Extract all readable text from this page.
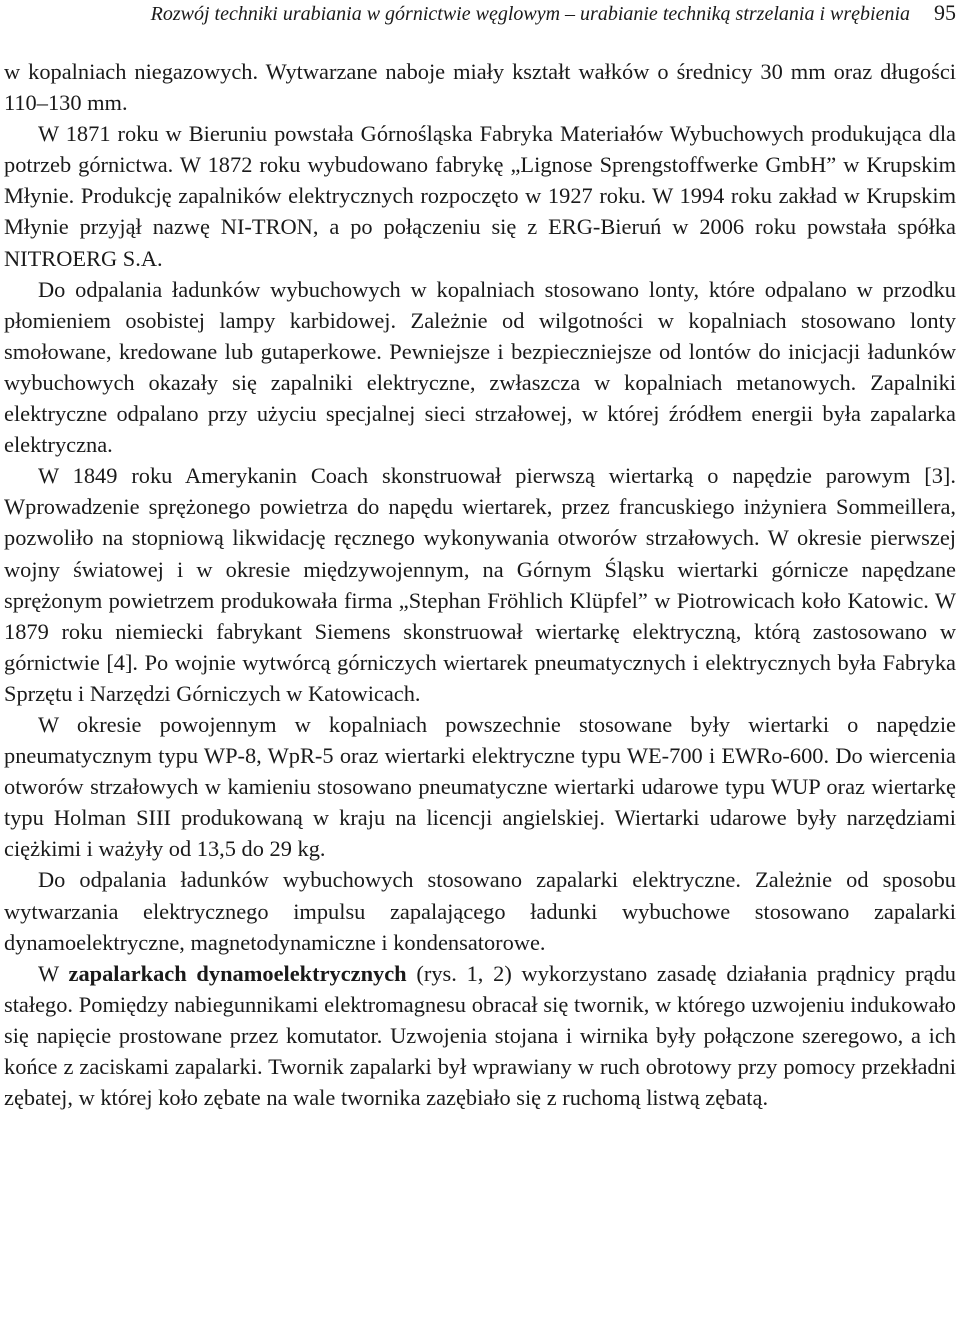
Rozwój techniki urabiania w górnictwie węglowym – urabianie techniką strzelania i wrębienia 95

w kopalniach niegazowych. Wytwarzane naboje miały kształt wałków o średnicy 30 mm oraz długości 110–130 mm.

W 1871 roku w Bieruniu powstała Górnośląska Fabryka Materiałów Wybuchowych produkująca dla potrzeb górnictwa. W 1872 roku wybudowano fabrykę „Lignose Sprengstoffwerke GmbH” w Krupskim Młynie. Produkcję zapalników elektrycznych rozpoczęto w 1927 roku. W 1994 roku zakład w Krupskim Młynie przyjął nazwę NI-TRON, a po połączeniu się z ERG-Bieruń w 2006 roku powstała spółka NITROERG S.A.

Do odpalania ładunków wybuchowych w kopalniach stosowano lonty, które odpalano w przodku płomieniem osobistej lampy karbidowej. Zależnie od wilgotności w kopalniach stosowano lonty smołowane, kredowane lub gutaperkowe. Pewniejsze i bezpieczniejsze od lontów do inicjacji ładunków wybuchowych okazały się zapalniki elektryczne, zwłaszcza w kopalniach metanowych. Zapalniki elektryczne odpalano przy użyciu specjalnej sieci strzałowej, w której źródłem energii była zapalarka elektryczna.

W 1849 roku Amerykanin Coach skonstruował pierwszą wiertarką o napędzie parowym [3]. Wprowadzenie sprężonego powietrza do napędu wiertarek, przez francuskiego inżyniera Sommeillera, pozwoliło na stopniową likwidację ręcznego wykonywania otworów strzałowych. W okresie pierwszej wojny światowej i w okresie międzywojennym, na Górnym Śląsku wiertarki górnicze napędzane sprężonym powietrzem produkowała firma „Stephan Fröhlich Klüpfel” w Piotrowicach koło Katowic. W 1879 roku niemiecki fabrykant Siemens skonstruował wiertarkę elektryczną, którą zastosowano w górnictwie [4]. Po wojnie wytwórcą górniczych wiertarek pneumatycznych i elektrycznych była Fabryka Sprzętu i Narzędzi Górniczych w Katowicach.

W okresie powojennym w kopalniach powszechnie stosowane były wiertarki o napędzie pneumatycznym typu WP-8, WpR-5 oraz wiertarki elektryczne typu WE-700 i EWRo-600. Do wiercenia otworów strzałowych w kamieniu stosowano pneumatyczne wiertarki udarowe typu WUP oraz wiertarkę typu Holman SIII produkowaną w kraju na licencji angielskiej. Wiertarki udarowe były narzędziami ciężkimi i ważyły od 13,5 do 29 kg.

Do odpalania ładunków wybuchowych stosowano zapalarki elektryczne. Zależnie od sposobu wytwarzania elektrycznego impulsu zapalającego ładunki wybuchowe stosowano zapalarki dynamoelektryczne, magnetodynamiczne i kondensatorowe.

W zapalarkach dynamoelektrycznych (rys. 1, 2) wykorzystano zasadę działania prądnicy prądu stałego. Pomiędzy nabiegunnikami elektromagnesu obracał się twornik, w którego uzwojeniu indukowało się napięcie prostowane przez komutator. Uzwojenia stojana i wirnika były połączone szeregowo, a ich końce z zaciskami zapalarki. Twornik zapalarki był wprawiany w ruch obrotowy przy pomocy przekładni zębatej, w której koło zębate na wale twornika zazębiało się z ruchomą listwą zębatą.
